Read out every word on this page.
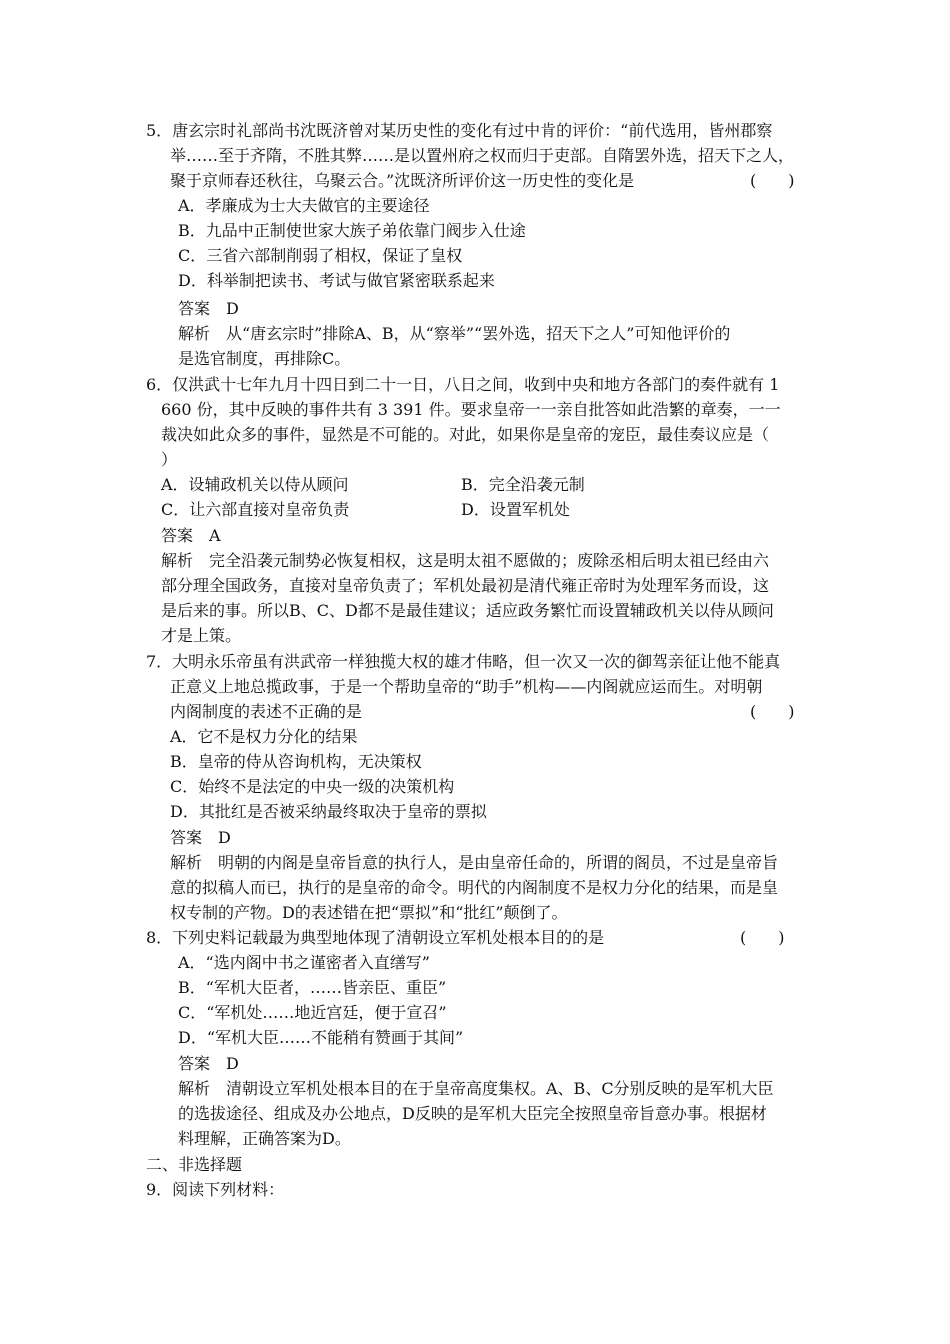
5．唐玄宗时礼部尚书沈既济曾对某历史性的变化有过中肯的评价：“前代选用，皆州郡察
举……至于齐隋，不胜其弊……是以置州府之权而归于吏部。自隋罢外选，招天下之人，
聚于京师春还秋往，乌聚云合。”沈既济所评价这一历史性的变化是	(　　)
A．孝廉成为士大夫做官的主要途径
B．九品中正制使世家大族子弟依靠门阀步入仕途
C．三省六部制削弱了相权，保证了皇权
D．科举制把读书、考试与做官紧密联系起来
答案　D
解析　从“唐玄宗时”排除A、B，从“察举”“罢外选，招天下之人”可知他评价的
是选官制度，再排除C。
6．仅洪武十七年九月十四日到二十一日，八日之间，收到中央和地方各部门的奏件就有 1
660 份，其中反映的事件共有 3 391 件。要求皇帝一一亲自批答如此浩繁的章奏，一一
裁决如此众多的事件，显然是不可能的。对此，如果你是皇帝的宠臣，最佳奏议应是（
）
A．设辅政机关以侍从顾问	B．完全沿袭元制
C．让六部直接对皇帝负责	D．设置军机处
答案　A
解析　完全沿袭元制势必恢复相权，这是明太祖不愿做的；废除丞相后明太祖已经由六
部分理全国政务，直接对皇帝负责了；军机处最初是清代雍正帝时为处理军务而设，这
是后来的事。所以B、C、D都不是最佳建议；适应政务繁忙而设置辅政机关以侍从顾问
才是上策。
7．大明永乐帝虽有洪武帝一样独揽大权的雄才伟略，但一次又一次的御驾亲征让他不能真
正意义上地总揽政事，于是一个帮助皇帝的“助手”机构——内阁就应运而生。对明朝
内阁制度的表述不正确的是	(　　)
A．它不是权力分化的结果
B．皇帝的侍从咨询机构，无决策权
C．始终不是法定的中央一级的决策机构
D．其批红是否被采纳最终取决于皇帝的票拟
答案　D
解析　明朝的内阁是皇帝旨意的执行人，是由皇帝任命的，所谓的阁员，不过是皇帝旨
意的拟稿人而已，执行的是皇帝的命令。明代的内阁制度不是权力分化的结果，而是皇
权专制的产物。D的表述错在把“票拟”和“批红”颠倒了。
8．下列史料记载最为典型地体现了清朝设立军机处根本目的的是	(　　)
A．“选内阁中书之谨密者入直缮写”
B．“军机大臣者，……皆亲臣、重臣”
C．“军机处……地近宫廷，便于宣召”
D．“军机大臣……不能稍有赞画于其间”
答案　D
解析　清朝设立军机处根本目的在于皇帝高度集权。A、B、C分别反映的是军机大臣
的选拔途径、组成及办公地点，D反映的是军机大臣完全按照皇帝旨意办事。根据材
料理解，正确答案为D。
二、非选择题
9．阅读下列材料：
